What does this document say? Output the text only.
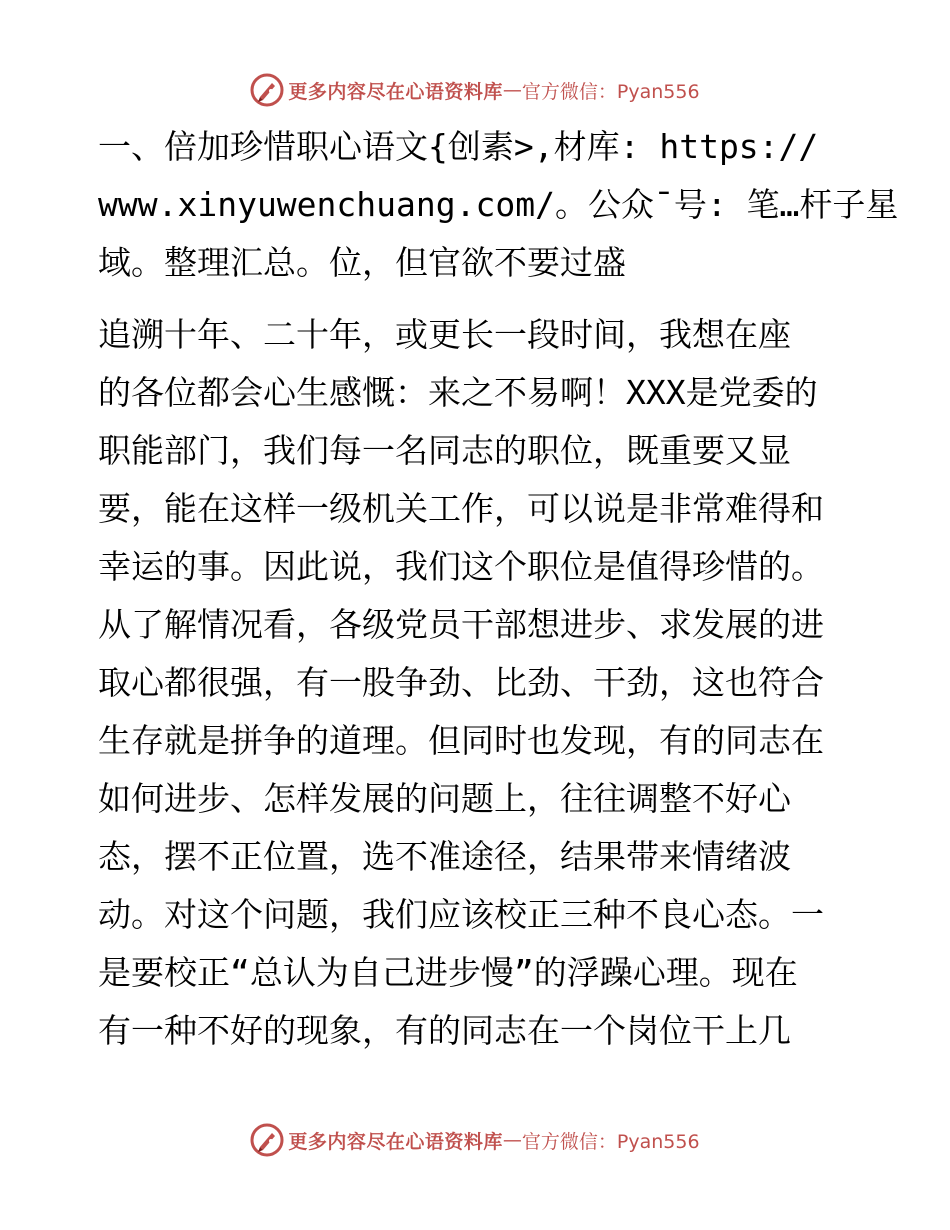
更多内容尽在心语资料库 — 官方微信：Pyan556

一、倍加珍惜职心语文{创素>,材库: https://
www.xinyuwenchuang.com/。公众¯号: 笔…杆子星
域。整理汇总。位，但官欲不要过盛

追溯十年、二十年，或更长一段时间，我想在座
的各位都会心生感慨：来之不易啊！XXX是党委的
职能部门，我们每一名同志的职位，既重要又显
要，能在这样一级机关工作，可以说是非常难得和
幸运的事。因此说，我们这个职位是值得珍惜的。
从了解情况看，各级党员干部想进步、求发展的进
取心都很强，有一股争劲、比劲、干劲，这也符合
生存就是拼争的道理。但同时也发现，有的同志在
如何进步、怎样发展的问题上，往往调整不好心
态，摆不正位置，选不准途径，结果带来情绪波
动。对这个问题，我们应该校正三种不良心态。一
是要校正“总认为自己进步慢”的浮躁心理。现在
有一种不好的现象，有的同志在一个岗位干上几

更多内容尽在心语资料库 — 官方微信：Pyan556
